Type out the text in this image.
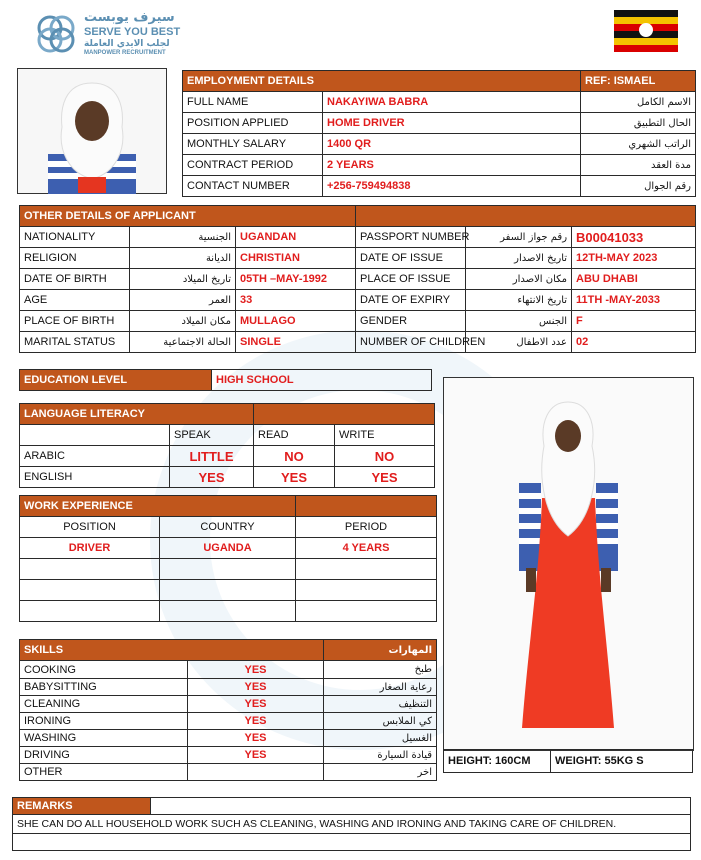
سيرف يوبست
SERVE YOU BEST
لجلب الايدي العاملة
MANPOWER RECRUITMENT
EMPLOYMENT DETAILS		REF: ISMAEL
FULL NAME	NAKAYIWA BABRA	الاسم الكامل
POSITION APPLIED	HOME DRIVER	الحال التطبيق
MONTHLY SALARY	1400 QR	الراتب الشهري
CONTRACT PERIOD	2 YEARS	مدة العقد
CONTACT NUMBER	+256-759494838	رقم الجوال
OTHER DETAILS OF APPLICANT					
NATIONALITY	الجنسية	UGANDAN	PASSPORT NUMBER	رقم جواز السفر	B00041033
RELIGION	الديانة	CHRISTIAN	DATE OF ISSUE	تاريخ الاصدار	12TH-MAY 2023
DATE OF BIRTH	تاريخ الميلاد	05TH –MAY-1992	PLACE OF ISSUE	مكان الاصدار	ABU DHABI
AGE	العمر	33	DATE OF EXPIRY	تاريخ الانتهاء	11TH -MAY-2033
PLACE OF BIRTH	مكان الميلاد	MULLAGO	GENDER	الجنس	F
MARITAL STATUS	الحالة الاجتماعية	SINGLE	NUMBER OF CHILDREN	عدد الاطفال	02
EDUCATION LEVEL	HIGH SCHOOL
LANGUAGE LITERACY			
	SPEAK	READ	WRITE
ARABIC	LITTLE	NO	NO
ENGLISH	YES	YES	YES
WORK EXPERIENCE		
POSITION	COUNTRY	PERIOD
DRIVER	UGANDA	4 YEARS

SKILLS		المهارات
COOKING	YES	طبخ
BABYSITTING	YES	رعاية الصغار
CLEANING	YES	التنظيف
IRONING	YES	كي الملابس
WASHING	YES	الغسيل
DRIVING	YES	قيادة السيارة
OTHER		اخر
HEIGHT: 160CM	WEIGHT: 55KG S
REMARKS	
SHE CAN DO ALL HOUSEHOLD WORK SUCH AS CLEANING, WASHING AND IRONING AND TAKING CARE OF CHILDREN.
